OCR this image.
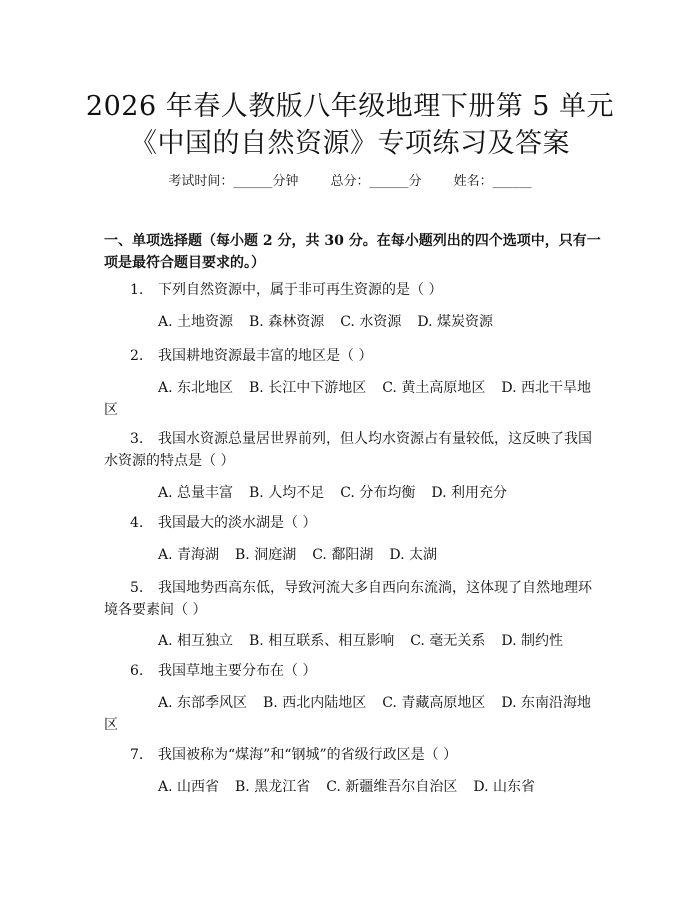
2026 年春人教版八年级地理下册第 5 单元
《中国的自然资源》专项练习及答案
考试时间：______分钟 总分：______分 姓名：______
一、单项选择题（每小题 2 分，共 30 分。在每小题列出的四个选项中，只有一项是最符合题目要求的。）
1. 下列自然资源中，属于非可再生资源的是（ ）
A. 土地资源 B. 森林资源 C. 水资源 D. 煤炭资源
2. 我国耕地资源最丰富的地区是（ ）
A. 东北地区 B. 长江中下游地区 C. 黄土高原地区 D. 西北干旱地区
3. 我国水资源总量居世界前列，但人均水资源占有量较低，这反映了我国水资源的特点是（ ）
A. 总量丰富 B. 人均不足 C. 分布均衡 D. 利用充分
4. 我国最大的淡水湖是（ ）
A. 青海湖 B. 洞庭湖 C. 鄱阳湖 D. 太湖
5. 我国地势西高东低，导致河流大多自西向东流淌，这体现了自然地理环境各要素间（ ）
A. 相互独立 B. 相互联系、相互影响 C. 毫无关系 D. 制约性
6. 我国草地主要分布在（ ）
A. 东部季风区 B. 西北内陆地区 C. 青藏高原地区 D. 东南沿海地区
7. 我国被称为“煤海”和“钢城”的省级行政区是（ ）
A. 山西省 B. 黑龙江省 C. 新疆维吾尔自治区 D. 山东省
